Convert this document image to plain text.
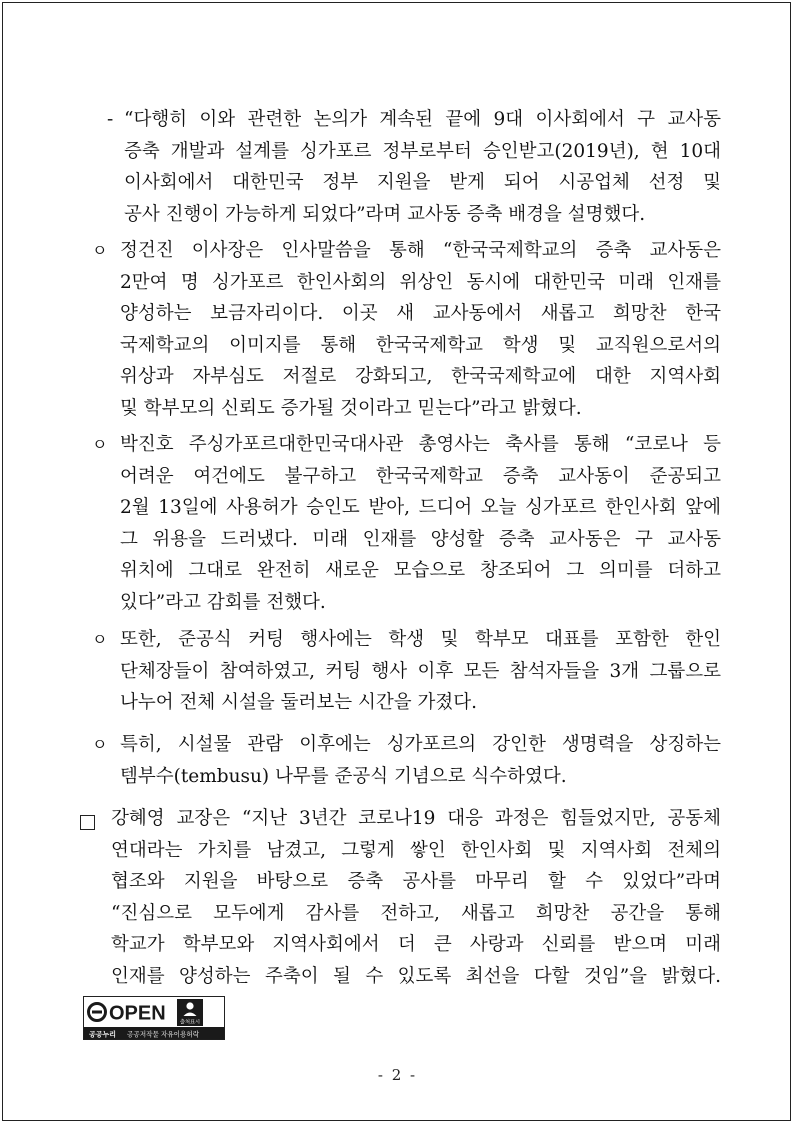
- “다행히 이와 관련한 논의가 계속된 끝에 9대 이사회에서 구 교사동
증축 개발과 설계를 싱가포르 정부로부터 승인받고(2019년), 현 10대
이사회에서 대한민국 정부 지원을 받게 되어 시공업체 선정 및
공사 진행이 가능하게 되었다”라며 교사동 증축 배경을 설명했다.
ㅇ 정건진 이사장은 인사말씀을 통해 “한국국제학교의 증축 교사동은
2만여 명 싱가포르 한인사회의 위상인 동시에 대한민국 미래 인재를
양성하는 보금자리이다. 이곳 새 교사동에서 새롭고 희망찬 한국
국제학교의 이미지를 통해 한국국제학교 학생 및 교직원으로서의
위상과 자부심도 저절로 강화되고, 한국국제학교에 대한 지역사회
및 학부모의 신뢰도 증가될 것이라고 믿는다”라고 밝혔다.
ㅇ 박진호 주싱가포르대한민국대사관 총영사는 축사를 통해 “코로나 등
어려운 여건에도 불구하고 한국국제학교 증축 교사동이 준공되고
2월 13일에 사용허가 승인도 받아, 드디어 오늘 싱가포르 한인사회 앞에
그 위용을 드러냈다. 미래 인재를 양성할 증축 교사동은 구 교사동
위치에 그대로 완전히 새로운 모습으로 창조되어 그 의미를 더하고
있다”라고 감회를 전했다.
ㅇ 또한, 준공식 커팅 행사에는 학생 및 학부모 대표를 포함한 한인
단체장들이 참여하였고, 커팅 행사 이후 모든 참석자들을 3개 그룹으로
나누어 전체 시설을 둘러보는 시간을 가졌다.
ㅇ 특히, 시설물 관람 이후에는 싱가포르의 강인한 생명력을 상징하는
템부수(tembusu) 나무를 준공식 기념으로 식수하였다.
강혜영 교장은 “지난 3년간 코로나19 대응 과정은 힘들었지만, 공동체
연대라는 가치를 남겼고, 그렇게 쌓인 한인사회 및 지역사회 전체의
협조와 지원을 바탕으로 증축 공사를 마무리 할 수 있었다”라며
“진심으로 모두에게 감사를 전하고, 새롭고 희망찬 공간을 통해
학교가 학부모와 지역사회에서 더 큰 사랑과 신뢰를 받으며 미래
인재를 양성하는 주축이 될 수 있도록 최선을 다할 것임”을 밝혔다.
OPEN	출처표시
공공누리 공공저작물 자유이용허락
- 2 -
